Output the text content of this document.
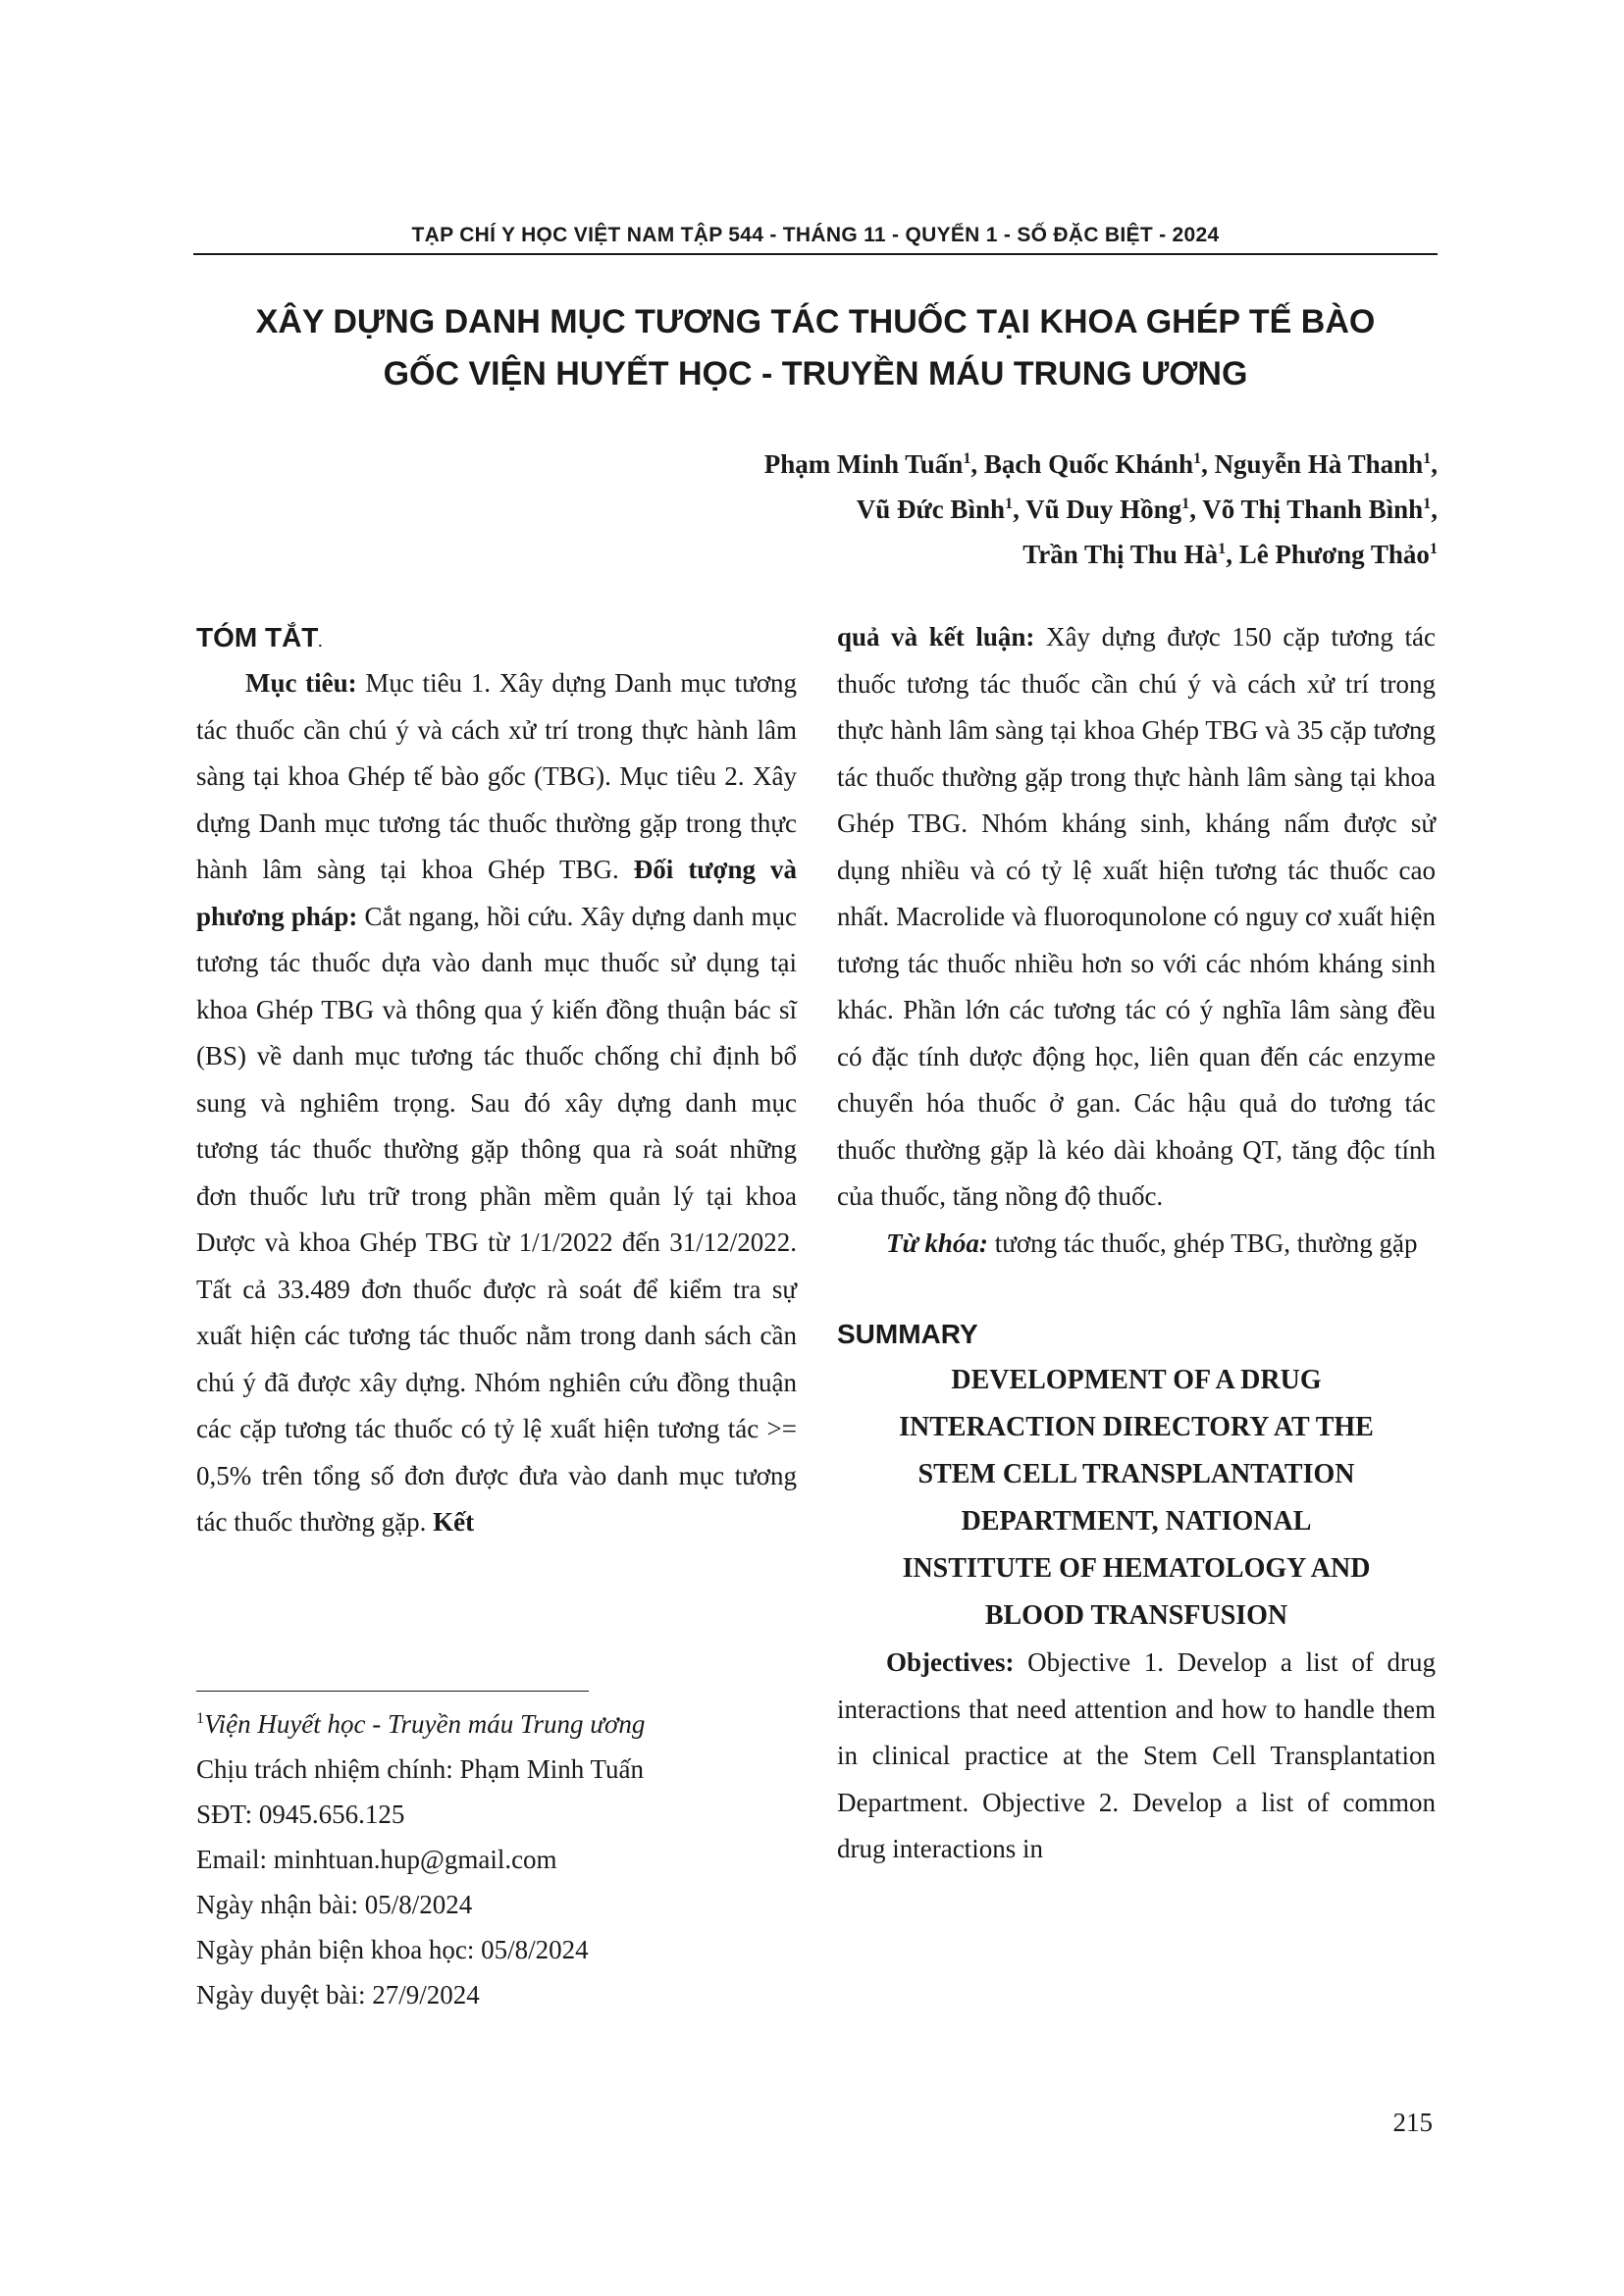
TẠP CHÍ Y HỌC VIỆT NAM TẬP 544 - THÁNG 11 - QUYỂN 1 - SỐ ĐẶC BIỆT - 2024
XÂY DỰNG DANH MỤC TƯƠNG TÁC THUỐC TẠI KHOA GHÉP TẾ BÀO
GỐC VIỆN HUYẾT HỌC - TRUYỀN MÁU TRUNG ƯƠNG
Phạm Minh Tuấn$^1$, Bạch Quốc Khánh$^1$, Nguyễn Hà Thanh$^1$,
Vũ Đức Bình$^1$, Vũ Duy Hồng$^1$, Võ Thị Thanh Bình$^1$,
Trần Thị Thu $Hà^1$, Lê Phương Thảo$^1$
TÓM TẮT.

Mục tiêu: Mục tiêu 1. Xây dựng Danh mục tương tác thuốc cần chú ý và cách xử trí trong thực hành lâm sàng tại khoa Ghép tế bào gốc (TBG). Mục tiêu 2. Xây dựng Danh mục tương tác thuốc thường gặp trong thực hành lâm sàng tại khoa Ghép TBG. Đối tượng và phương pháp: Cắt ngang, hồi cứu. Xây dựng danh mục tương tác thuốc dựa vào danh mục thuốc sử dụng tại khoa Ghép TBG và thông qua ý kiến đồng thuận bác sĩ (BS) về danh mục tương tác thuốc chống chỉ định bổ sung và nghiêm trọng. Sau đó xây dựng danh mục tương tác thuốc thường gặp thông qua rà soát những đơn thuốc lưu trữ trong phần mềm quản lý tại khoa Dược và khoa Ghép TBG từ 1/1/2022 đến 31/12/2022. Tất cả 33.489 đơn thuốc được rà soát để kiểm tra sự xuất hiện các tương tác thuốc nằm trong danh sách cần chú ý đã được xây dựng. Nhóm nghiên cứu đồng thuận các cặp tương tác thuốc có tỷ lệ xuất hiện tương tác >= 0,5% trên tổng số đơn được đưa vào danh mục tương tác thuốc thường gặp. Kết

$^1$Viện Huyết học - Truyền máu Trung ương
Chịu trách nhiệm chính: Phạm Minh Tuấn
SĐT: 0945.656.125
Email: minhtuan.hup@gmail.com
Ngày nhận bài: 05/8/2024
Ngày phản biện khoa học: 05/8/2024
Ngày duyệt bài: 27/9/2024

quả và kết luận: Xây dựng được 150 cặp tương tác thuốc tương tác thuốc cần chú ý và cách xử trí trong thực hành lâm sàng tại khoa Ghép TBG và 35 cặp tương tác thuốc thường gặp trong thực hành lâm sàng tại khoa Ghép TBG. Nhóm kháng sinh, kháng nấm được sử dụng nhiều và có tỷ lệ xuất hiện tương tác thuốc cao nhất. Macrolide và fluoroqunolone có nguy cơ xuất hiện tương tác thuốc nhiều hơn so với các nhóm kháng sinh khác. Phần lớn các tương tác có ý nghĩa lâm sàng đều có đặc tính dược động học, liên quan đến các enzyme chuyển hóa thuốc ở gan. Các hậu quả do tương tác thuốc thường gặp là kéo dài khoảng QT, tăng độc tính của thuốc, tăng nồng độ thuốc.

Từ khóa: tương tác thuốc, ghép TBG, thường gặp

SUMMARY
DEVELOPMENT OF A DRUG
INTERACTION DIRECTORY AT THE
STEM CELL TRANSPLANTATION
DEPARTMENT, NATIONAL
INSTITUTE OF HEMATOLOGY AND
BLOOD TRANSFUSION

Objectives: Objective 1. Develop a list of drug interactions that need attention and how to handle them in clinical practice at the Stem Cell Transplantation Department. Objective 2. Develop a list of common drug interactions in

215
